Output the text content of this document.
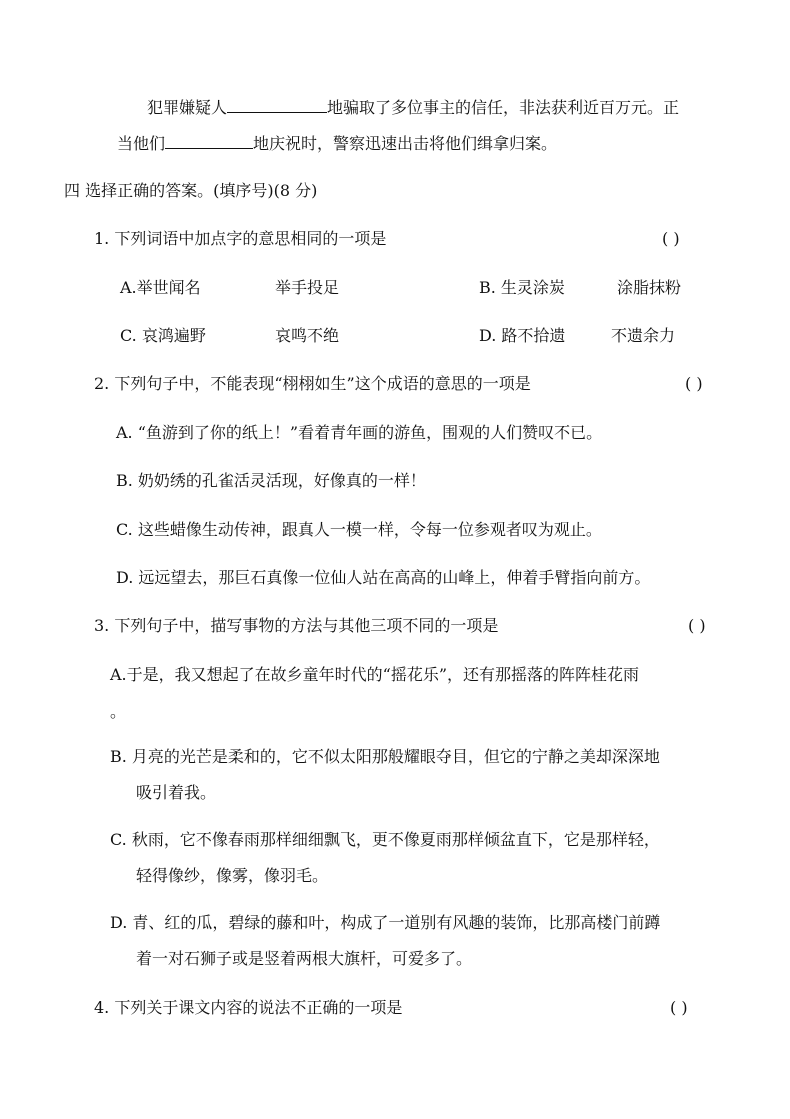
犯罪嫌疑人	地骗取了多位事主的信任，非法获利近百万元。正
当他们	地庆祝时，警察迅速出击将他们缉拿归案。
四 选择正确的答案。(填序号)(8 分)
1. 下列词语中加点字的意思相同的一项是	( )
A.举世闻名	举手投足	B. 生灵涂炭	涂脂抹粉
C. 哀鸿遍野	哀鸣不绝	D. 路不拾遗	不遗余力
2. 下列句子中，不能表现“栩栩如生”这个成语的意思的一项是	( )
A. “鱼游到了你的纸上！”看着青年画的游鱼，围观的人们赞叹不已。
B. 奶奶绣的孔雀活灵活现，好像真的一样！
C. 这些蜡像生动传神，跟真人一模一样，令每一位参观者叹为观止。
D. 远远望去，那巨石真像一位仙人站在高高的山峰上，伸着手臂指向前方。
3. 下列句子中，描写事物的方法与其他三项不同的一项是	( )
A.于是，我又想起了在故乡童年时代的“摇花乐”，还有那摇落的阵阵桂花雨
。
B. 月亮的光芒是柔和的，它不似太阳那般耀眼夺目，但它的宁静之美却深深地
吸引着我。
C. 秋雨，它不像春雨那样细细飘飞，更不像夏雨那样倾盆直下，它是那样轻，
轻得像纱，像雾，像羽毛。
D. 青、红的瓜，碧绿的藤和叶，构成了一道别有风趣的装饰，比那高楼门前蹲
着一对石狮子或是竖着两根大旗杆，可爱多了。
4. 下列关于课文内容的说法不正确的一项是	( )
